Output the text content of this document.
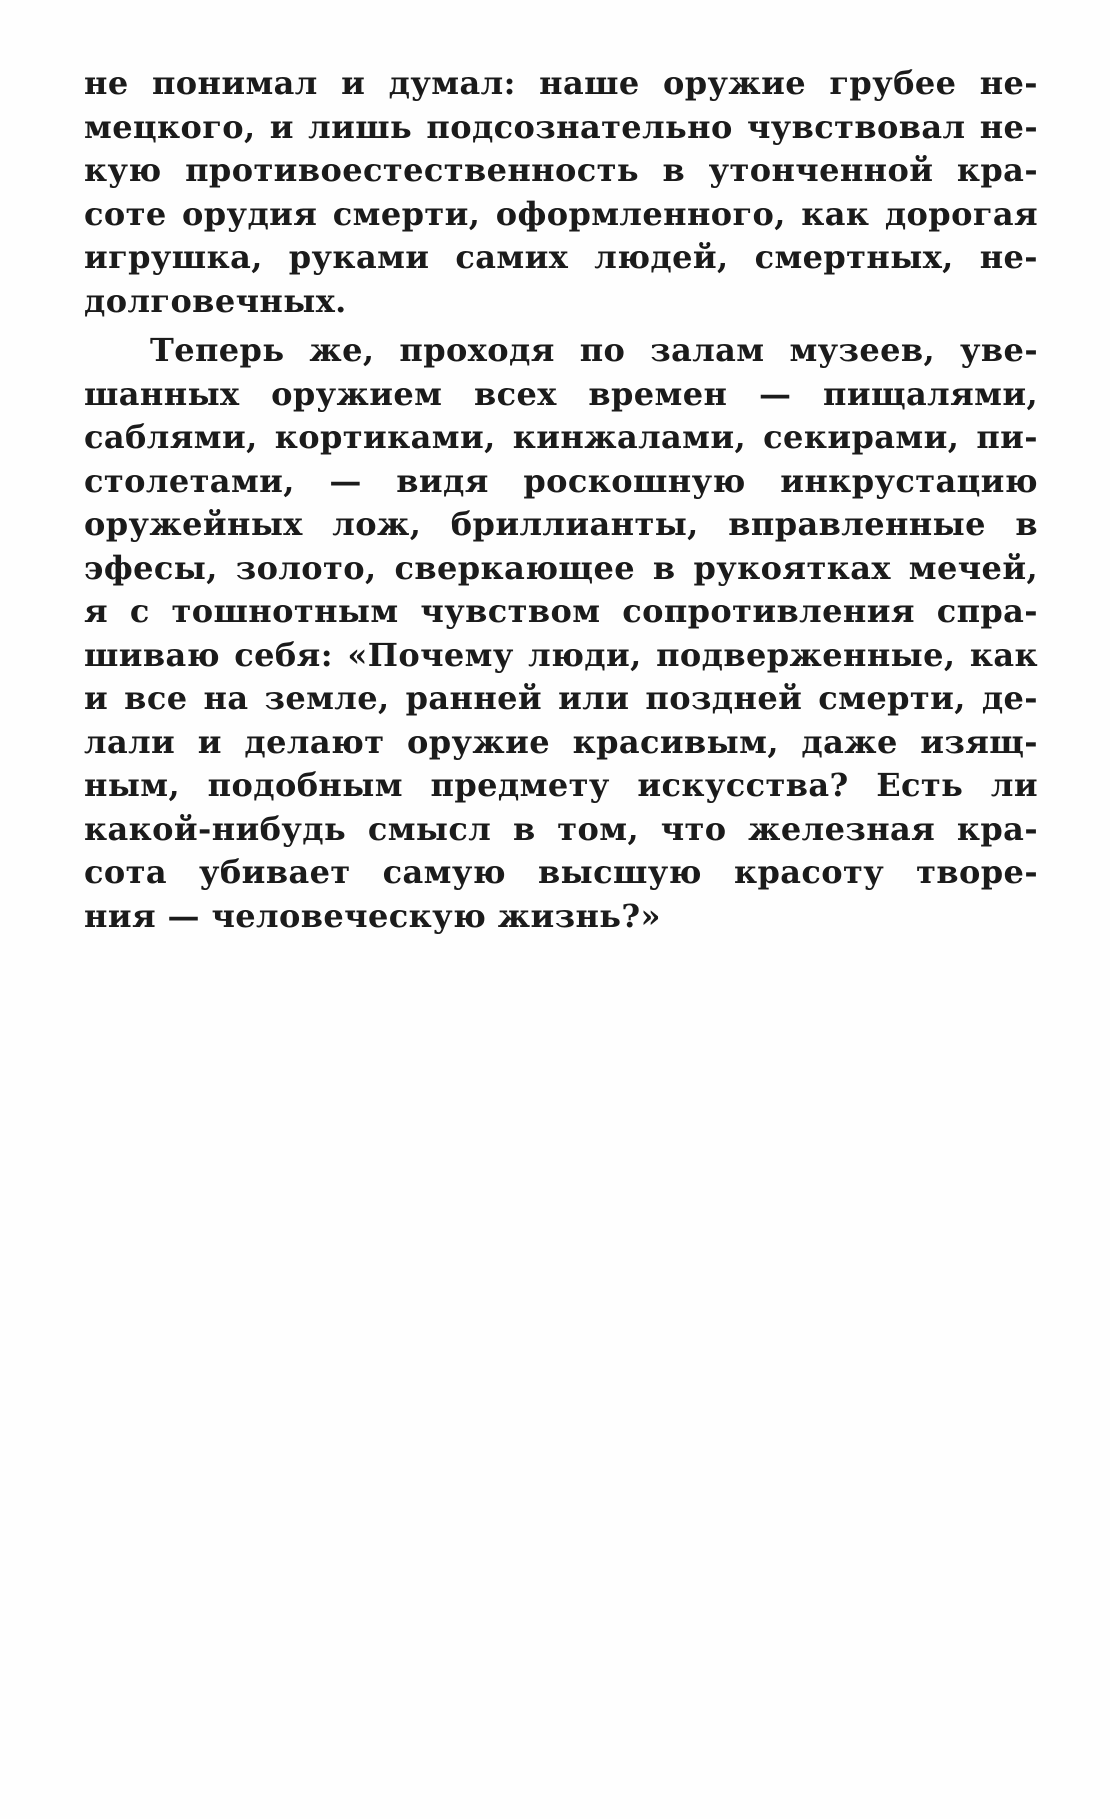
не понимал и думал: наше оружие грубее не-
мецкого, и лишь подсознательно чувствовал не-
кую противоестественность в утонченной кра-
соте орудия смерти, оформленного, как дорогая
игрушка, руками самих людей, смертных, не-
долговечных.
Теперь же, проходя по залам музеев, уве-
шанных оружием всех времен — пищалями,
саблями, кортиками, кинжалами, секирами, пи-
столетами, — видя роскошную инкрустацию
оружейных лож, бриллианты, вправленные в
эфесы, золото, сверкающее в рукоятках мечей,
я с тошнотным чувством сопротивления спра-
шиваю себя: «Почему люди, подверженные, как
и все на земле, ранней или поздней смерти, де-
лали и делают оружие красивым, даже изящ-
ным, подобным предмету искусства? Есть ли
какой-нибудь смысл в том, что железная кра-
сота убивает самую высшую красоту творе-
ния — человеческую жизнь?»
